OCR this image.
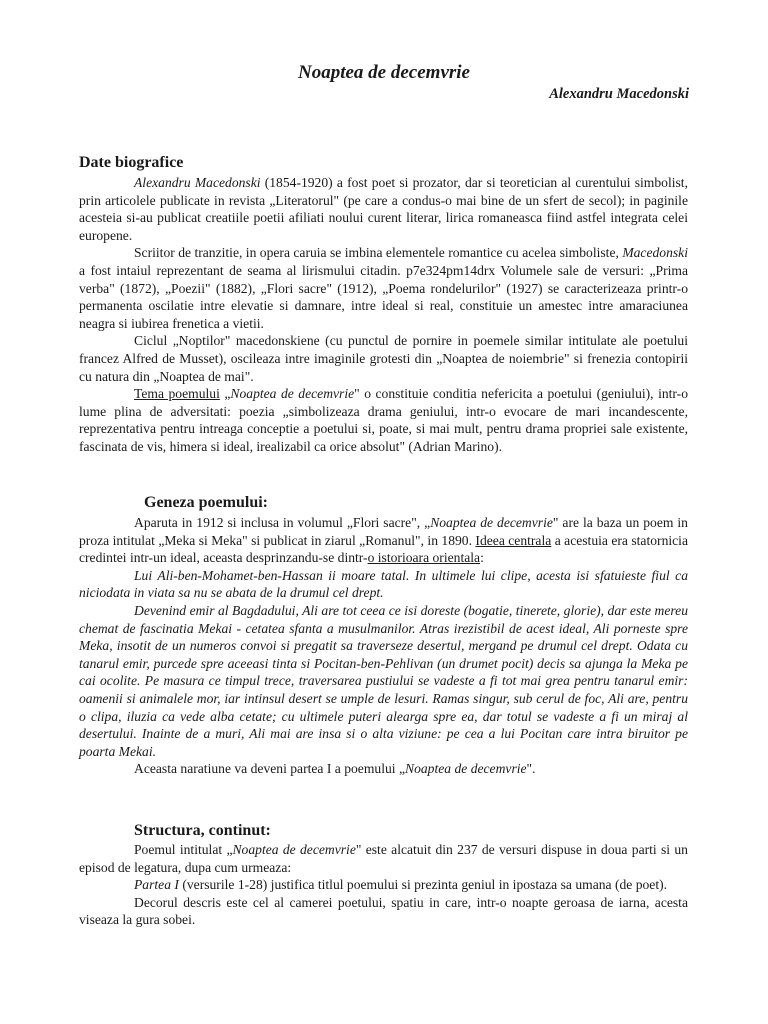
Noaptea de decemvrie
Alexandru Macedonski
Date biografice

Alexandru Macedonski (1854-1920) a fost poet si prozator, dar si teoretician al curentului simbolist, prin articolele publicate in revista „Literatorul" (pe care a condus-o mai bine de un sfert de secol); in paginile acesteia si-au publicat creatiile poetii afiliati noului curent literar, lirica romaneasca fiind astfel integrata celei europene.

Scriitor de tranzitie, in opera caruia se imbina elementele romantice cu acelea simboliste, Macedonski a fost intaiul reprezentant de seama al lirismului citadin. p7e324pm14drx Volumele sale de versuri: „Prima verba" (1872), „Poezii" (1882), „Flori sacre" (1912), „Poema rondelurilor" (1927) se caracterizeaza printr-o permanenta oscilatie intre elevatie si damnare, intre ideal si real, constituie un amestec intre amaraciunea neagra si iubirea frenetica a vietii.

Ciclul „Noptilor" macedonskiene (cu punctul de pornire in poemele similar intitulate ale poetului francez Alfred de Musset), oscileaza intre imaginile grotesti din „Noaptea de noiembrie" si frenezia contopirii cu natura din „Noaptea de mai".

Tema poemului „Noaptea de decemvrie" o constituie conditia nefericita a poetului (geniului), intr-o lume plina de adversitati: poezia „simbolizeaza drama geniului, intr-o evocare de mari incandescente, reprezentativa pentru intreaga conceptie a poetului si, poate, si mai mult, pentru drama propriei sale existente, fascinata de vis, himera si ideal, irealizabil ca orice absolut" (Adrian Marino).

Geneza poemului:

Aparuta in 1912 si inclusa in volumul „Flori sacre", „Noaptea de decemvrie" are la baza un poem in proza intitulat „Meka si Meka" si publicat in ziarul „Romanul", in 1890. Ideea centrala a acestuia era statornicia credintei intr-un ideal, aceasta desprinzandu-se dintr-o istorioara orientala:

Lui Ali-ben-Mohamet-ben-Hassan ii moare tatal. In ultimele lui clipe, acesta isi sfatuieste fiul ca niciodata in viata sa nu se abata de la drumul cel drept.

Devenind emir al Bagdadului, Ali are tot ceea ce isi doreste (bogatie, tinerete, glorie), dar este mereu chemat de fascinatia Mekai - cetatea sfanta a musulmanilor. Atras irezistibil de acest ideal, Ali porneste spre Meka, insotit de un numeros convoi si pregatit sa traverseze desertul, mergand pe drumul cel drept. Odata cu tanarul emir, purcede spre aceeasi tinta si Pocitan-ben-Pehlivan (un drumet pocit) decis sa ajunga la Meka pe cai ocolite. Pe masura ce timpul trece, traversarea pustiului se vadeste a fi tot mai grea pentru tanarul emir: oamenii si animalele mor, iar intinsul desert se umple de lesuri. Ramas singur, sub cerul de foc, Ali are, pentru o clipa, iluzia ca vede alba cetate; cu ultimele puteri alearga spre ea, dar totul se vadeste a fi un miraj al desertului. Inainte de a muri, Ali mai are insa si o alta viziune: pe cea a lui Pocitan care intra biruitor pe poarta Mekai.

Aceasta naratiune va deveni partea I a poemului „Noaptea de decemvrie".

Structura, continut:

Poemul intitulat „Noaptea de decemvrie" este alcatuit din 237 de versuri dispuse in doua parti si un episod de legatura, dupa cum urmeaza:

Partea I (versurile 1-28) justifica titlul poemului si prezinta geniul in ipostaza sa umana (de poet).

Decorul descris este cel al camerei poetului, spatiu in care, intr-o noapte geroasa de iarna, acesta viseaza la gura sobei.
